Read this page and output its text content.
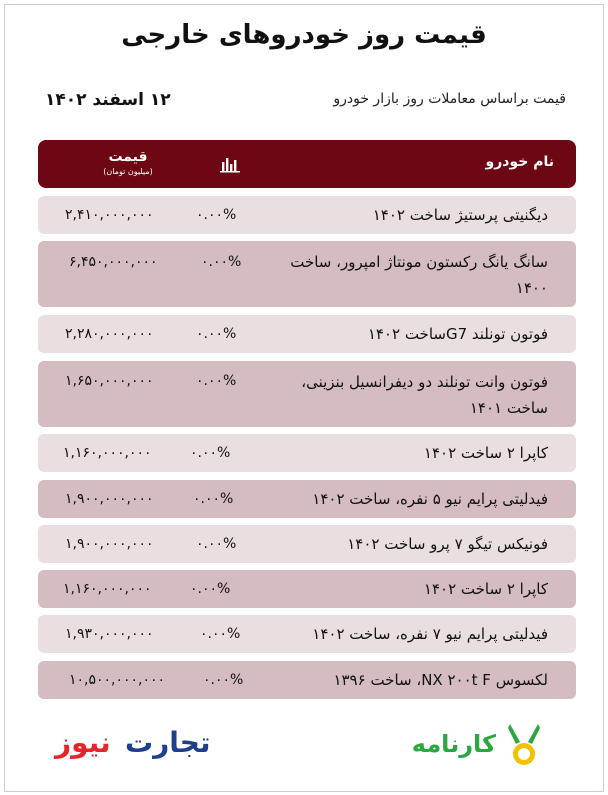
قیمت روز خودروهای خارجی
۱۲ اسفند ۱۴۰۲	قیمت براساس معاملات روز بازار خودرو
نام خودرو
قیمت
(میلیون تومان)
دیگنیتی پرستیژ ساخت ۱۴۰۲
۰.۰۰%
۲,۴۱۰,۰۰۰,۰۰۰
سانگ یانگ رکستون مونتاژ امپرور، ساخت ۱۴۰۰
۰.۰۰%
۶,۴۵۰,۰۰۰,۰۰۰
فوتون تونلند G7ساخت ۱۴۰۲
۰.۰۰%
۲,۲۸۰,۰۰۰,۰۰۰
فوتون وانت تونلند دو دیفرانسیل بنزینی، ساخت ۱۴۰۱
۰.۰۰%
۱,۶۵۰,۰۰۰,۰۰۰
کاپرا ۲ ساخت ۱۴۰۲
۰.۰۰%
۱,۱۶۰,۰۰۰,۰۰۰
فیدلیتی پرایم نیو ۵ نفره، ساخت ۱۴۰۲
۰.۰۰%
۱,۹۰۰,۰۰۰,۰۰۰
فونیکس تیگو ۷ پرو ساخت ۱۴۰۲
۰.۰۰%
۱,۹۰۰,۰۰۰,۰۰۰
کاپرا ۲ ساخت ۱۴۰۲
۰.۰۰%
۱,۱۶۰,۰۰۰,۰۰۰
فیدلیتی پرایم نیو ۷ نفره، ساخت ۱۴۰۲
۰.۰۰%
۱,۹۳۰,۰۰۰,۰۰۰
لکسوس NX ۲۰۰t F، ساخت ۱۳۹۶
۰.۰۰%
۱۰,۵۰۰,۰۰۰,۰۰۰
کارنامه
نیوز تجارت
